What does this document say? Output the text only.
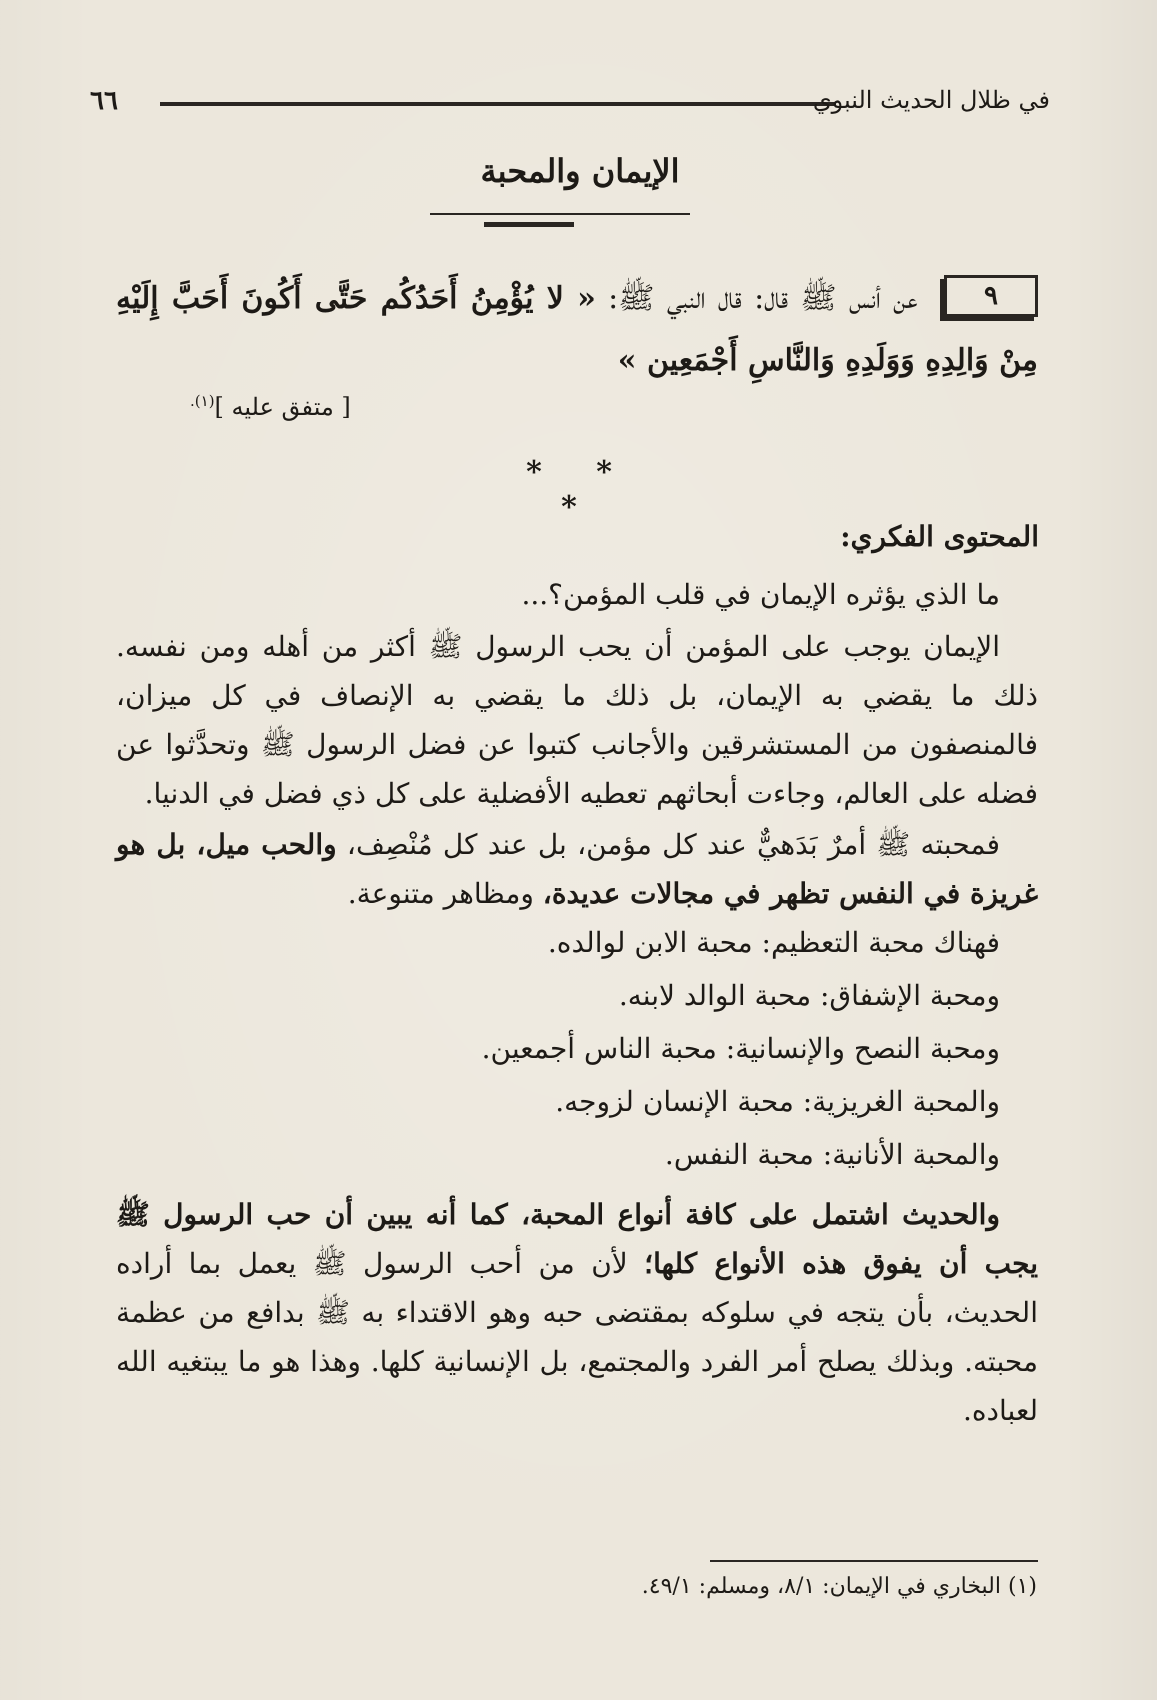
٦٦	في ظلال الحديث النبوي
الإيمان والمحبة
٩ عن أنس ﷺ قال: قال النبي ﷺ: « لا يُؤْمِنُ أَحَدُكُم حَتَّى أَكُونَ أَحَبَّ إِلَيْهِ مِنْ وَالِدِهِ وَوَلَدِهِ وَالنَّاسِ أَجْمَعِين »
[ متفق عليه ]$^{(١).}$
* * *
المحتوى الفكري:
ما الذي يؤثره الإيمان في قلب المؤمن؟...
الإيمان يوجب على المؤمن أن يحب الرسول ﷺ أكثر من أهله ومن نفسه. ذلك ما يقضي به الإيمان، بل ذلك ما يقضي به الإنصاف في كل ميزان، فالمنصفون من المستشرقين والأجانب كتبوا عن فضل الرسول ﷺ وتحدَّثوا عن فضله على العالم، وجاءت أبحاثهم تعطيه الأفضلية على كل ذي فضل في الدنيا.
فمحبته ﷺ أمرٌ بَدَهيٌّ عند كل مؤمن، بل عند كل مُنْصِف، والحب ميل، بل هو غريزة في النفس تظهر في مجالات عديدة، ومظاهر متنوعة.
فهناك محبة التعظيم: محبة الابن لوالده.
ومحبة الإشفاق: محبة الوالد لابنه.
ومحبة النصح والإنسانية: محبة الناس أجمعين.
والمحبة الغريزية: محبة الإنسان لزوجه.
والمحبة الأنانية: محبة النفس.
والحديث اشتمل على كافة أنواع المحبة، كما أنه يبين أن حب الرسول ﷺ يجب أن يفوق هذه الأنواع كلها؛ لأن من أحب الرسول ﷺ يعمل بما أراده الحديث، بأن يتجه في سلوكه بمقتضى حبه وهو الاقتداء به ﷺ بدافع من عظمة محبته. وبذلك يصلح أمر الفرد والمجتمع، بل الإنسانية كلها. وهذا هو ما يبتغيه الله لعباده.
(١) البخاري في الإيمان: ٨/١، ومسلم: ٤٩/١.
